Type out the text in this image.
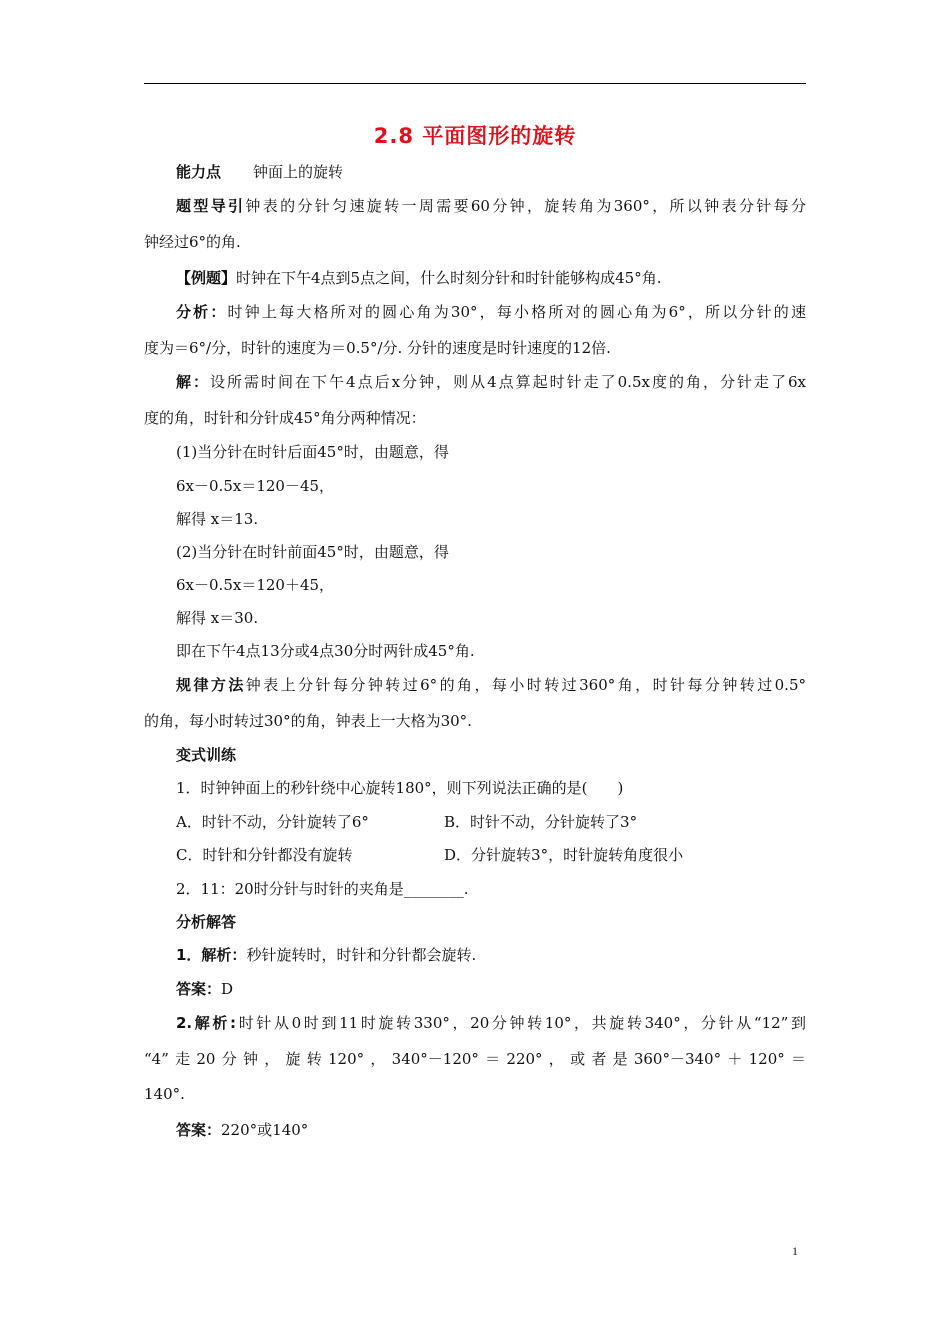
2.8 平面图形的旋转
能力点 钟面上的旋转
题型导引钟表的分针匀速旋转一周需要60分钟，旋转角为360°，所以钟表分针每分
钟经过6°的角.
【例题】时钟在下午4点到5点之间，什么时刻分针和时针能够构成45°角.
分析：时钟上每大格所对的圆心角为30°，每小格所对的圆心角为6°，所以分针的速
度为＝6°/分，时针的速度为＝0.5°/分. 分针的速度是时针速度的12倍.
解：设所需时间在下午4点后x分钟，则从4点算起时针走了0.5x度的角，分针走了6x
度的角，时针和分针成45°角分两种情况：
(1)当分针在时针后面45°时，由题意，得
6x－0.5x＝120－45，
解得 x＝13.
(2)当分针在时针前面45°时，由题意，得
6x－0.5x＝120＋45，
解得 x＝30.
即在下午4点13分或4点30分时两针成45°角.
规律方法钟表上分针每分钟转过6°的角，每小时转过360°角，时针每分钟转过0.5°
的角，每小时转过30°的角，钟表上一大格为30°.
变式训练
1．时钟钟面上的秒针绕中心旋转180°，则下列说法正确的是(　　)
A．时针不动，分针旋转了6°	B．时针不动，分针旋转了3°
C．时针和分针都没有旋转	D．分针旋转3°，时针旋转角度很小
2．11：20时分针与时针的夹角是________.
分析解答
1．解析：秒针旋转时，时针和分针都会旋转.
答案：D
2.解析:时针从0时到11时旋转330°，20分钟转10°，共旋转340°，分针从“12”到
“4”走20分钟，旋转120°，340°－120°＝220°，或者是360°－340°＋120°＝
140°.
答案：220°或140°
1
